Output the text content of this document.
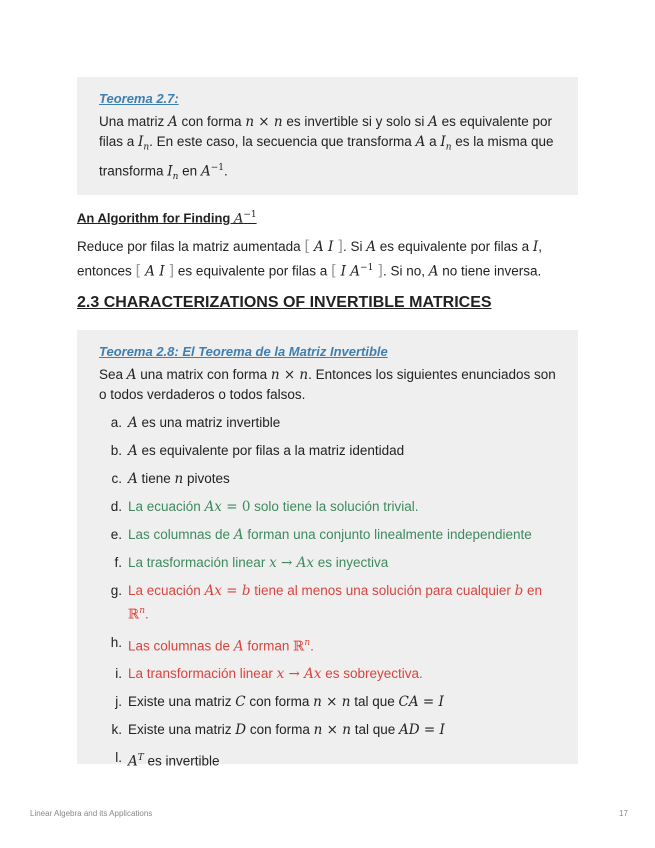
Teorema 2.7:

Una matriz A con forma n × n es invertible si y solo si A es equivalente por filas a $I_n$. En este caso, la secuencia que transforma A a $I_n$ es la misma que transforma $I_n$ en $A^{-1}$.

An Algorithm for Finding $A^{-1}$
Reduce por filas la matriz aumentada [ A I ]. Si A es equivalente por filas a I, entonces [ A I ] es equivalente por filas a [ I $A^{-1}$ ]. Si no, A no tiene inversa.
2.3 CHARACTERIZATIONS OF INVERTIBLE MATRICES
Teorema 2.8: El Teorema de la Matriz Invertible

Sea A una matrix con forma n × n. Entonces los siguientes enunciados son o todos verdaderos o todos falsos.

a. A es una matriz invertible
b. A es equivalente por filas a la matriz identidad
c. A tiene n pivotes
d. La ecuación Ax = 0 solo tiene la solución trivial.
e. Las columnas de A forman una conjunto linealmente independiente
f. La trasformación linear x → Ax es inyectiva
g. La ecuación Ax = b tiene al menos una solución para cualquier b en ℝ$^n$.
h. Las columnas de A forman ℝ$^n$.
i. La transformación linear x → Ax es sobreyectiva.
j. Existe una matriz C con forma n × n tal que CA = I
k. Existe una matriz D con forma n × n tal que AD = I
l. $A^T$ es invertible
Linear Algebra and its Applications	17
